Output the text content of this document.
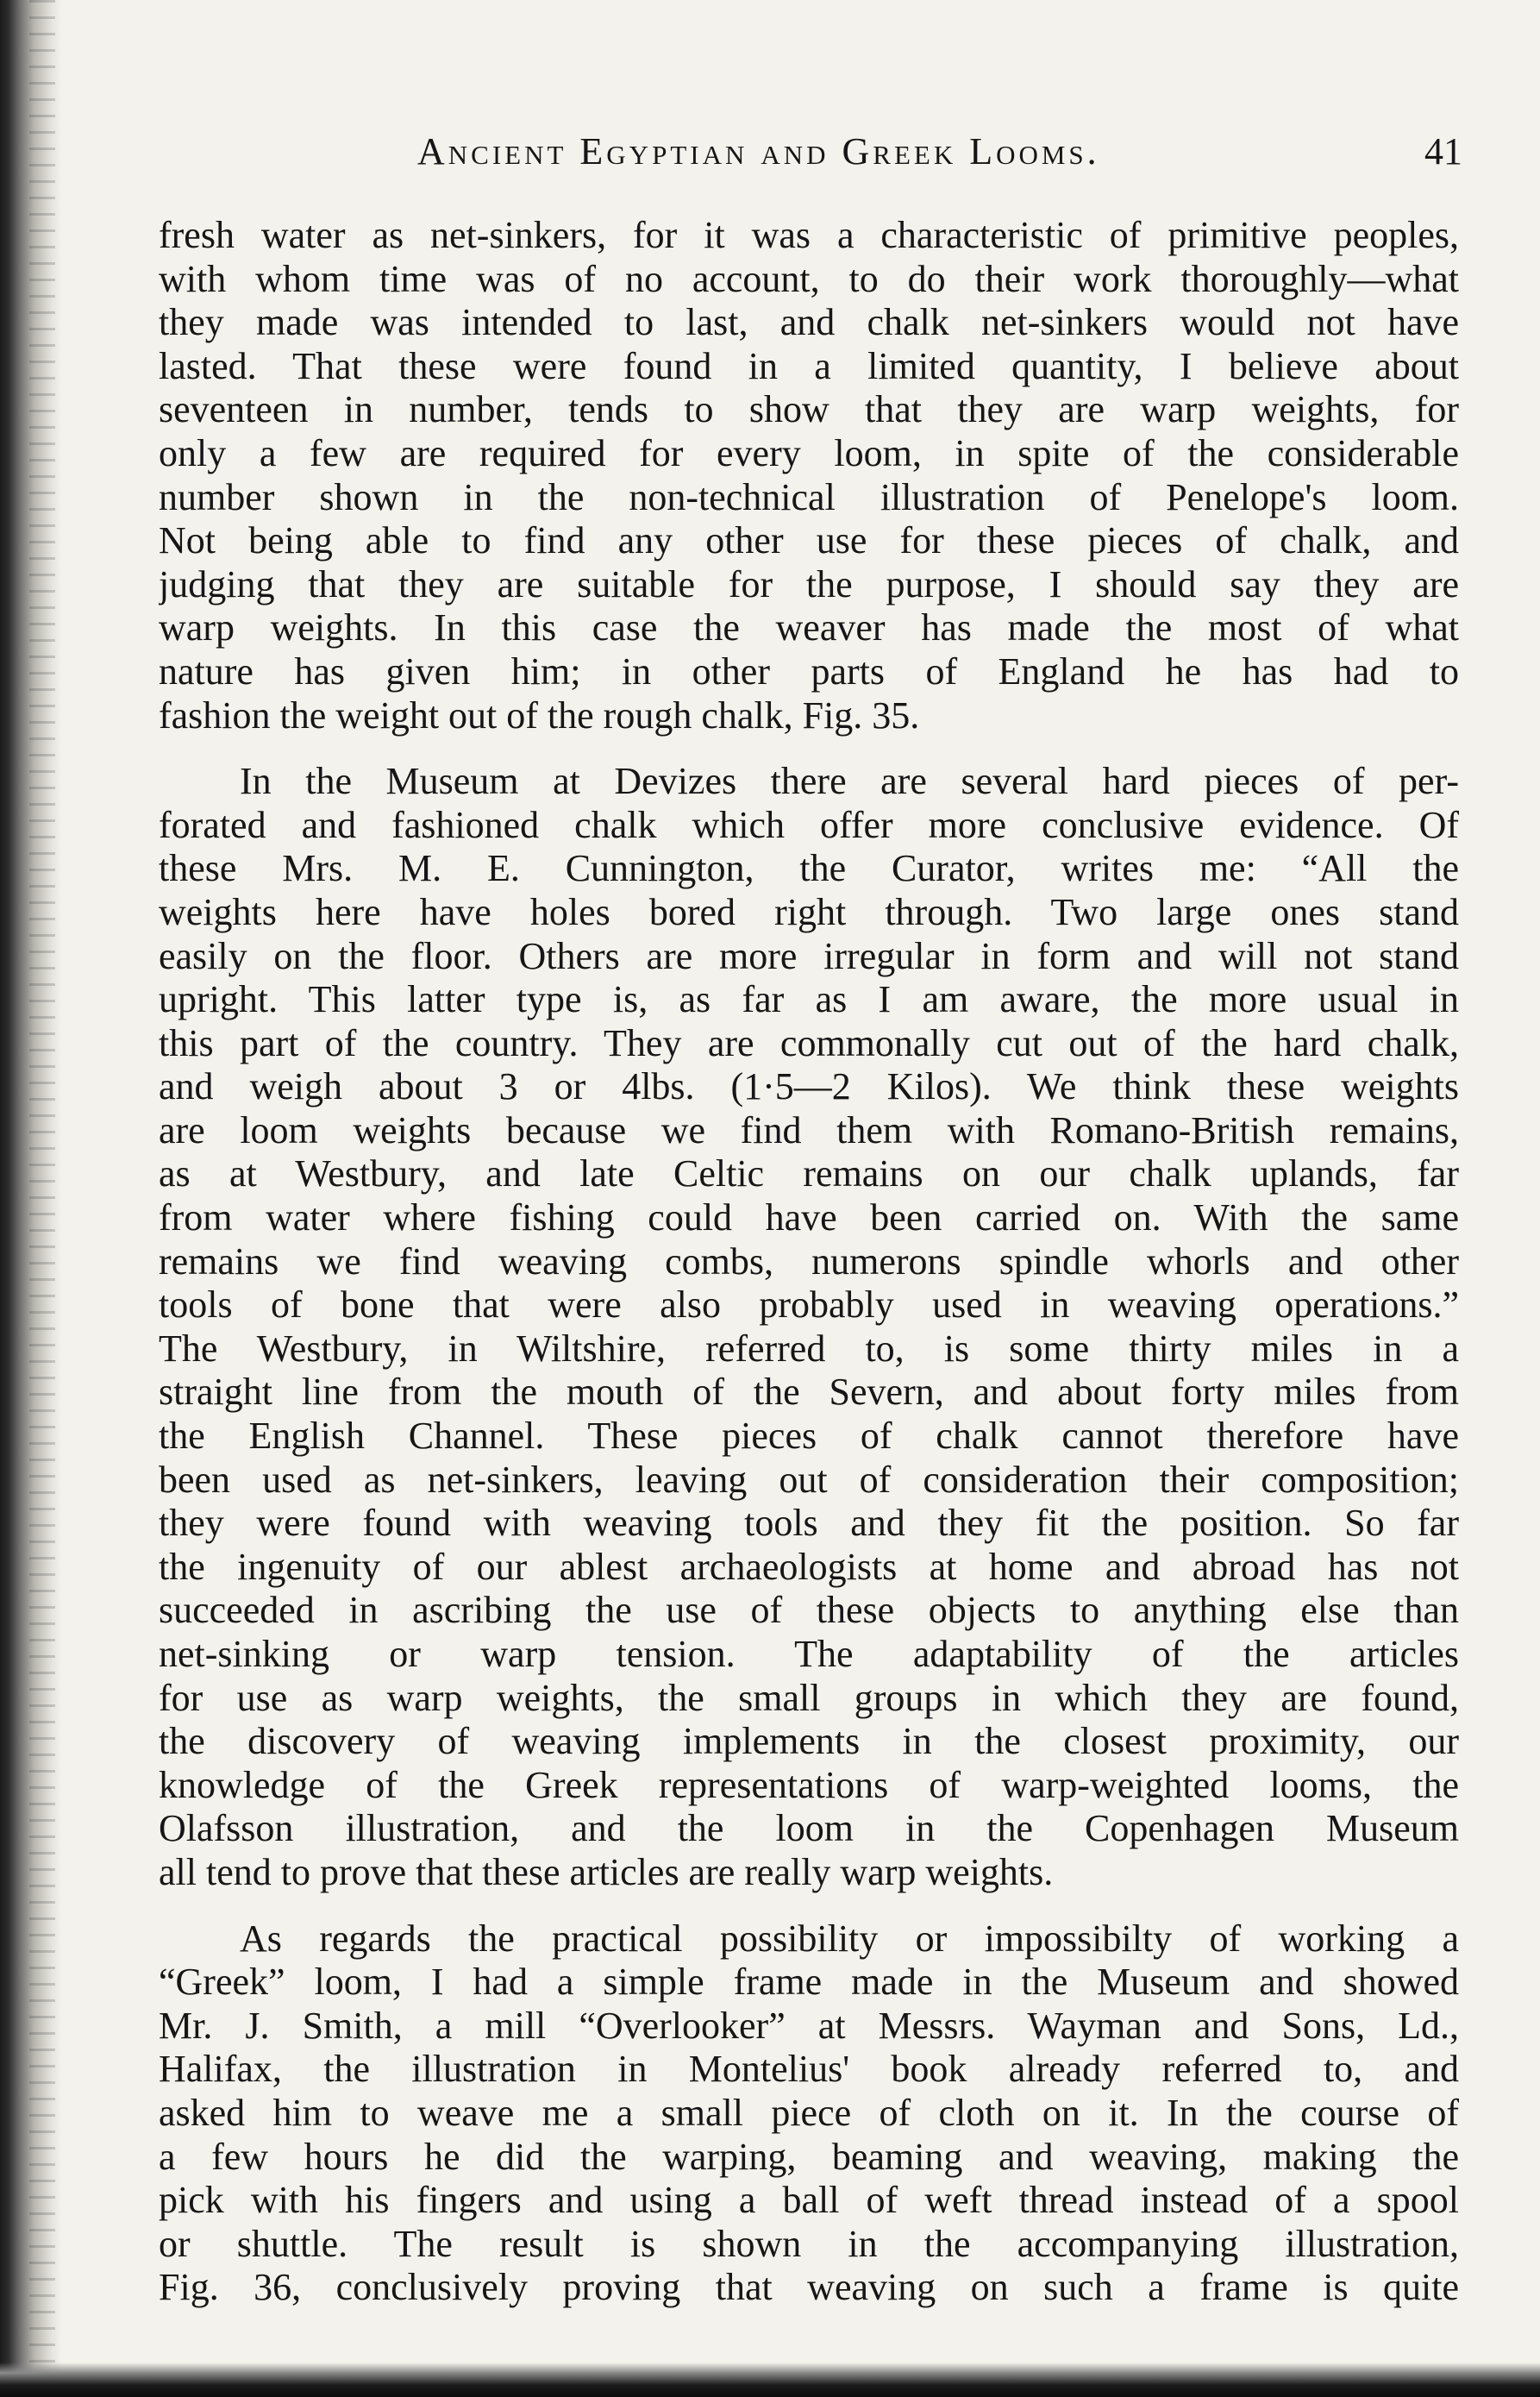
Ancient Egyptian and Greek Looms.	41
fresh water as net-sinkers, for it was a characteristic of primitive peoples,
with whom time was of no account, to do their work thoroughly—what
they made was intended to last, and chalk net-sinkers would not have
lasted. That these were found in a limited quantity, I believe about
seventeen in number, tends to show that they are warp weights, for
only a few are required for every loom, in spite of the considerable
number shown in the non-technical illustration of Penelope's loom.
Not being able to find any other use for these pieces of chalk, and
judging that they are suitable for the purpose, I should say they are
warp weights. In this case the weaver has made the most of what
nature has given him; in other parts of England he has had to
fashion the weight out of the rough chalk, Fig. 35.
In the Museum at Devizes there are several hard pieces of per-
forated and fashioned chalk which offer more conclusive evidence. Of
these Mrs. M. E. Cunnington, the Curator, writes me: “All the
weights here have holes bored right through. Two large ones stand
easily on the floor. Others are more irregular in form and will not stand
upright. This latter type is, as far as I am aware, the more usual in
this part of the country. They are commonally cut out of the hard chalk,
and weigh about 3 or 4lbs. (1·5—2 Kilos). We think these weights
are loom weights because we find them with Romano-British remains,
as at Westbury, and late Celtic remains on our chalk uplands, far
from water where fishing could have been carried on. With the same
remains we find weaving combs, numerons spindle whorls and other
tools of bone that were also probably used in weaving operations.”
The Westbury, in Wiltshire, referred to, is some thirty miles in a
straight line from the mouth of the Severn, and about forty miles from
the English Channel. These pieces of chalk cannot therefore have
been used as net-sinkers, leaving out of consideration their composition;
they were found with weaving tools and they fit the position. So far
the ingenuity of our ablest archaeologists at home and abroad has not
succeeded in ascribing the use of these objects to anything else than
net-sinking or warp tension. The adaptability of the articles
for use as warp weights, the small groups in which they are found,
the discovery of weaving implements in the closest proximity, our
knowledge of the Greek representations of warp-weighted looms, the
Olafsson illustration, and the loom in the Copenhagen Museum
all tend to prove that these articles are really warp weights.
As regards the practical possibility or impossibilty of working a
“Greek” loom, I had a simple frame made in the Museum and showed
Mr. J. Smith, a mill “Overlooker” at Messrs. Wayman and Sons, Ld.,
Halifax, the illustration in Montelius' book already referred to, and
asked him to weave me a small piece of cloth on it. In the course of
a few hours he did the warping, beaming and weaving, making the
pick with his fingers and using a ball of weft thread instead of a spool
or shuttle. The result is shown in the accompanying illustration,
Fig. 36, conclusively proving that weaving on such a frame is quite
